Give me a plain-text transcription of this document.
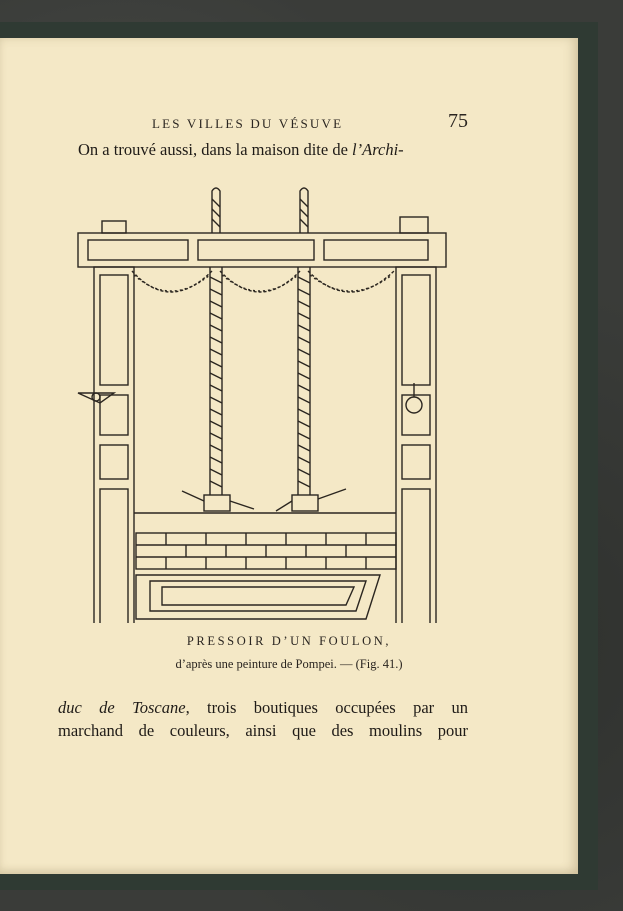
LES VILLES DU VÉSUVE	75
On a trouvé aussi, dans la maison dite de l’Archi-
PRESSOIR D’UN FOULON,
d’après une peinture de Pompei. — (Fig. 41.)
duc de Toscane, trois boutiques occupées par un
marchand de couleurs, ainsi que des moulins pour
